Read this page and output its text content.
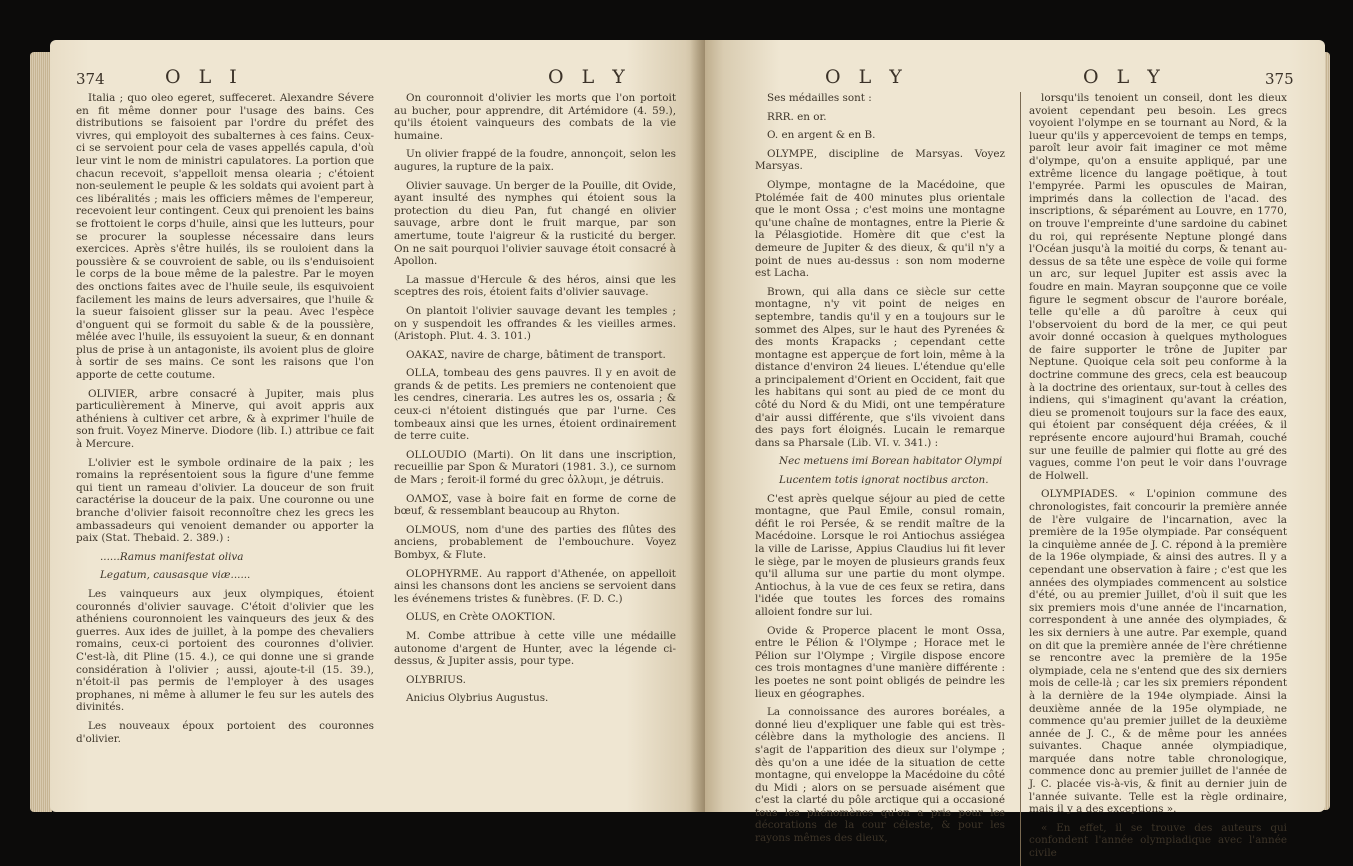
374	O L I	O L Y

Italia ; quo oleo egeret, suffeceret. Alexandre Sévere en fit même donner pour l'usage des bains. Ces distributions se faisoient par l'ordre du préfet des vivres, qui employoit des subalternes à ces fains. Ceux-ci se servoient pour cela de vases appellés capula, d'où leur vint le nom de ministri capulatores. La portion que chacun recevoit, s'appelloit mensa olearia ; c'étoient non-seulement le peuple & les soldats qui avoient part à ces libéralités ; mais les officiers mêmes de l'empereur, recevoient leur contingent. Ceux qui prenoient les bains se frottoient le corps d'huile, ainsi que les lutteurs, pour se procurer la souplesse nécessaire dans leurs exercices. Après s'être huilés, ils se rouloient dans la poussière & se couvroient de sable, ou ils s'enduisoient le corps de la boue même de la palestre. Par le moyen des onctions faites avec de l'huile seule, ils esquivoient facilement les mains de leurs adversaires, que l'huile & la sueur faisoient glisser sur la peau. Avec l'espèce d'onguent qui se formoit du sable & de la poussière, mêlée avec l'huile, ils essuyoient la sueur, & en donnant plus de prise à un antagoniste, ils avoient plus de gloire à sortir de ses mains. Ce sont les raisons que l'on apporte de cette coutume.

OLIVIER, arbre consacré à Jupiter, mais plus particulièrement à Minerve, qui avoit appris aux athéniens à cultiver cet arbre, & à exprimer l'huile de son fruit. Voyez Minerve. Diodore (lib. I.) attribue ce fait à Mercure.

L'olivier est le symbole ordinaire de la paix ; les romains la représentoient sous la figure d'une femme qui tient un rameau d'olivier. La douceur de son fruit caractérise la douceur de la paix. Une couronne ou une branche d'olivier faisoit reconnoître chez les grecs les ambassadeurs qui venoient demander ou apporter la paix (Stat. Thebaid. 2. 389.) :

......Ramus manifestat oliva

Legatum, causasque viæ......

Les vainqueurs aux jeux olympiques, étoient couronnés d'olivier sauvage. C'étoit d'olivier que les athéniens couronnoient les vainqueurs des jeux & des guerres. Aux ides de juillet, à la pompe des chevaliers romains, ceux-ci portoient des couronnes d'olivier. C'est-là, dit Pline (15. 4.), ce qui donne une si grande considération à l'olivier ; aussi, ajoute-t-il (15. 39.), n'étoit-il pas permis de l'employer à des usages prophanes, ni même à allumer le feu sur les autels des divinités.

Les nouveaux époux portoient des couronnes d'olivier.

On couronnoit d'olivier les morts que l'on portoit au bucher, pour apprendre, dit Artémidore (4. 59.), qu'ils étoient vainqueurs des combats de la vie humaine.

Un olivier frappé de la foudre, annonçoit, selon les augures, la rupture de la paix.

Olivier sauvage. Un berger de la Pouille, dit Ovide, ayant insulté des nymphes qui étoient sous la protection du dieu Pan, fut changé en olivier sauvage, arbre dont le fruit marque, par son amertume, toute l'aigreur & la rusticité du berger. On ne sait pourquoi l'olivier sauvage étoit consacré à Apollon.

La massue d'Hercule & des héros, ainsi que les sceptres des rois, étoient faits d'olivier sauvage.

On plantoit l'olivier sauvage devant les temples ; on y suspendoit les offrandes & les vieilles armes. (Aristoph. Plut. 4. 3. 101.)

OAKAΣ, navire de charge, bâtiment de transport.

OLLA, tombeau des gens pauvres. Il y en avoit de grands & de petits. Les premiers ne contenoient que les cendres, cineraria. Les autres les os, ossaria ; & ceux-ci n'étoient distingués que par l'urne. Ces tombeaux ainsi que les urnes, étoient ordinairement de terre cuite.

OLLOUDIO (Marti). On lit dans une inscription, recueillie par Spon & Muratori (1981. 3.), ce surnom de Mars ; feroit-il formé du grec ὀλλυμι, je détruis.

OΛMOΣ, vase à boire fait en forme de corne de bœuf, & ressemblant beaucoup au Rhyton.

OLMOUS, nom d'une des parties des flûtes des anciens, probablement de l'embouchure. Voyez Bombyx, & Flute.

OLOPHYRME. Au rapport d'Athenée, on appelloit ainsi les chansons dont les anciens se servoient dans les événemens tristes & funèbres. (F. D. C.)

OLUS, en Crète OΛOKTION.

M. Combe attribue à cette ville une médaille autonome d'argent de Hunter, avec la légende ci-dessus, & Jupiter assis, pour type.

OLYBRIUS.

Anicius Olybrius Augustus.

O L Y	O L Y	375

Ses médailles sont :

RRR. en or.

O. en argent & en B.

OLYMPE, discipline de Marsyas. Voyez Marsyas.

Olympe, montagne de la Macédoine, que Ptolémée fait de 400 minutes plus orientale que le mont Ossa ; c'est moins une montagne qu'une chaîne de montagnes, entre la Pierie & la Pélasgiotide. Homère dit que c'est la demeure de Jupiter & des dieux, & qu'il n'y a point de nues au-dessus : son nom moderne est Lacha.

Brown, qui alla dans ce siècle sur cette montagne, n'y vit point de neiges en septembre, tandis qu'il y en a toujours sur le sommet des Alpes, sur le haut des Pyrenées & des monts Krapacks ; cependant cette montagne est apperçue de fort loin, même à la distance d'environ 24 lieues. L'étendue qu'elle a principalement d'Orient en Occident, fait que les habitans qui sont au pied de ce mont du côté du Nord & du Midi, ont une température d'air aussi différente, que s'ils vivoient dans des pays fort éloignés. Lucain le remarque dans sa Pharsale (Lib. VI. v. 341.) :

Nec metuens imi Borean habitator Olympi

Lucentem totis ignorat noctibus arcton.

C'est après quelque séjour au pied de cette montagne, que Paul Emile, consul romain, défit le roi Persée, & se rendit maître de la Macédoine. Lorsque le roi Antiochus assiégea la ville de Larisse, Appius Claudius lui fit lever le siège, par le moyen de plusieurs grands feux qu'il alluma sur une partie du mont olympe. Antiochus, à la vue de ces feux se retira, dans l'idée que toutes les forces des romains alloient fondre sur lui.

Ovide & Properce placent le mont Ossa, entre le Pélion & l'Olympe ; Horace met le Pélion sur l'Olympe ; Virgile dispose encore ces trois montagnes d'une manière différente : les poetes ne sont point obligés de peindre les lieux en géographes.

La connoissance des aurores boréales, a donné lieu d'expliquer une fable qui est très-célèbre dans la mythologie des anciens. Il s'agit de l'apparition des dieux sur l'olympe ; dès qu'on a une idée de la situation de cette montagne, qui enveloppe la Macédoine du côté du Midi ; alors on se persuade aisément que c'est la clarté du pôle arctique qui a occasioné tous les phénomènes qu'on a pris pour les décorations de la cour céleste, & pour les rayons mêmes des dieux,

lorsqu'ils tenoient un conseil, dont les dieux avoient cependant peu besoin. Les grecs voyoient l'olympe en se tournant au Nord, & la lueur qu'ils y appercevoient de temps en temps, paroît leur avoir fait imaginer ce mot même d'olympe, qu'on a ensuite appliqué, par une extrême licence du langage poëtique, à tout l'empyrée. Parmi les opuscules de Mairan, imprimés dans la collection de l'acad. des inscriptions, & séparément au Louvre, en 1770, on trouve l'empreinte d'une sardoine du cabinet du roi, qui représente Neptune plongé dans l'Océan jusqu'à la moitié du corps, & tenant au-dessus de sa tête une espèce de voile qui forme un arc, sur lequel Jupiter est assis avec la foudre en main. Mayran soupçonne que ce voile figure le segment obscur de l'aurore boréale, telle qu'elle a dû paroître à ceux qui l'observoient du bord de la mer, ce qui peut avoir donné occasion à quelques mythologues de faire supporter le trône de Jupiter par Neptune. Quoique cela soit peu conforme à la doctrine commune des grecs, cela est beaucoup à la doctrine des orientaux, sur-tout à celles des indiens, qui s'imaginent qu'avant la création, dieu se promenoit toujours sur la face des eaux, qui étoient par conséquent déja créées, & il représente encore aujourd'hui Bramah, couché sur une feuille de palmier qui flotte au gré des vagues, comme l'on peut le voir dans l'ouvrage de Holwell.

OLYMPIADES. « L'opinion commune des chronologistes, fait concourir la première année de l'ère vulgaire de l'incarnation, avec la première de la 195e olympiade. Par conséquent la cinquième année de J. C. répond à la première de la 196e olympiade, & ainsi des autres. Il y a cependant une observation à faire ; c'est que les années des olympiades commencent au solstice d'été, ou au premier Juillet, d'où il suit que les six premiers mois d'une année de l'incarnation, correspondent à une année des olympiades, & les six derniers à une autre. Par exemple, quand on dit que la première année de l'ère chrétienne se rencontre avec la première de la 195e olympiade, cela ne s'entend que des six derniers mois de celle-là ; car les six premiers répondent à la dernière de la 194e olympiade. Ainsi la deuxième année de la 195e olympiade, ne commence qu'au premier juillet de la deuxième année de J. C., & de même pour les années suivantes. Chaque année olympiadique, marquée dans notre table chronologique, commence donc au premier juillet de l'année de J. C. placée vis-à-vis, & finit au dernier juin de l'année suivante. Telle est la règle ordinaire, mais il y a des exceptions ».

« En effet, il se trouve des auteurs qui confondent l'année olympiadique avec l'année civile
